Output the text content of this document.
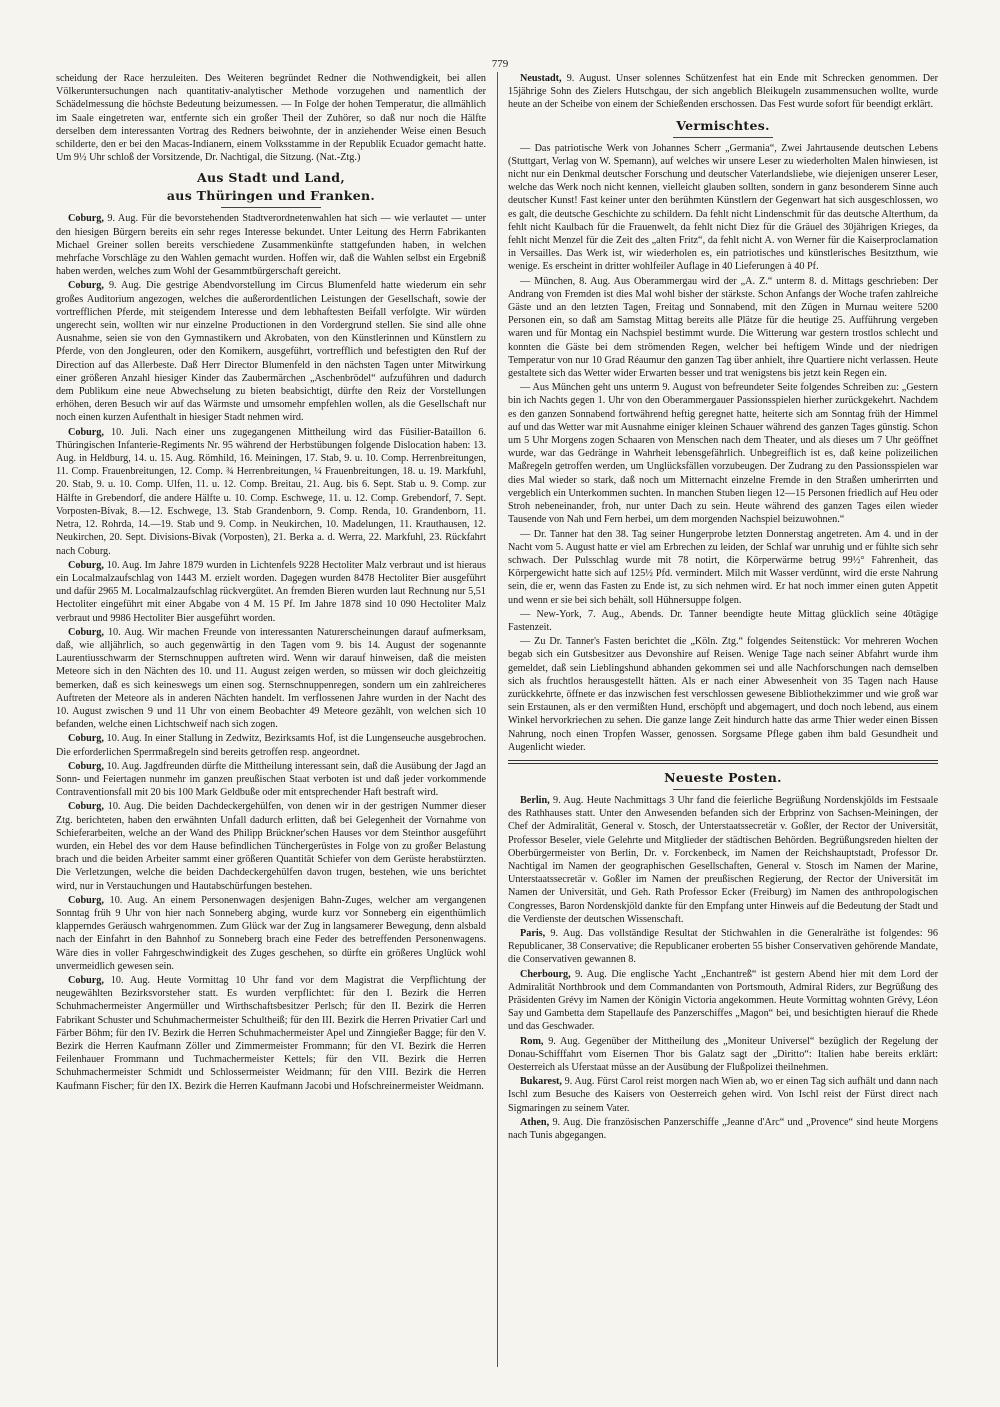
779

scheidung der Race herzuleiten. Des Weiteren begründet Redner die Nothwendigkeit, bei allen Völkeruntersuchungen nach quantitativ-analytischer Methode vorzugehen und namentlich der Schädelmessung die höchste Bedeutung beizumessen. — In Folge der hohen Temperatur, die allmählich im Saale eingetreten war, entfernte sich ein großer Theil der Zuhörer, so daß nur noch die Hälfte derselben dem interessanten Vortrag des Redners beiwohnte, der in anziehender Weise einen Besuch schilderte, den er bei den Macas-Indianern, einem Volksstamme in der Republik Ecuador gemacht hatte. Um 9½ Uhr schloß der Vorsitzende, Dr. Nachtigal, die Sitzung. (Nat.-Ztg.)

Aus Stadt und Land,
aus Thüringen und Franken.

Coburg, 9. Aug. Für die bevorstehenden Stadtverordnetenwahlen hat sich — wie verlautet — unter den hiesigen Bürgern bereits ein sehr reges Interesse bekundet. Unter Leitung des Herrn Fabrikanten Michael Greiner sollen bereits verschiedene Zusammenkünfte stattgefunden haben, in welchen mehrfache Vorschläge zu den Wahlen gemacht wurden. Hoffen wir, daß die Wahlen selbst ein Ergebniß haben werden, welches zum Wohl der Gesammtbürgerschaft gereicht.

Coburg, 9. Aug. Die gestrige Abendvorstellung im Circus Blumenfeld hatte wiederum ein sehr großes Auditorium angezogen, welches die außerordentlichen Leistungen der Gesellschaft, sowie der vortrefflichen Pferde, mit steigendem Interesse und dem lebhaftesten Beifall verfolgte. Wir würden ungerecht sein, wollten wir nur einzelne Productionen in den Vordergrund stellen. Sie sind alle ohne Ausnahme, seien sie von den Gymnastikern und Akrobaten, von den Künstlerinnen und Künstlern zu Pferde, von den Jongleuren, oder den Komikern, ausgeführt, vortrefflich und befestigten den Ruf der Direction auf das Allerbeste. Daß Herr Director Blumenfeld in den nächsten Tagen unter Mitwirkung einer größeren Anzahl hiesiger Kinder das Zaubermärchen „Aschenbrödel“ aufzuführen und dadurch dem Publikum eine neue Abwechselung zu bieten beabsichtigt, dürfte den Reiz der Vorstellungen erhöhen, deren Besuch wir auf das Wärmste und umsomehr empfehlen wollen, als die Gesellschaft nur noch einen kurzen Aufenthalt in hiesiger Stadt nehmen wird.

Coburg, 10. Juli. Nach einer uns zugegangenen Mittheilung wird das Füsilier-Bataillon 6. Thüringischen Infanterie-Regiments Nr. 95 während der Herbstübungen folgende Dislocation haben: 13. Aug. in Heldburg, 14. u. 15. Aug. Römhild, 16. Meiningen, 17. Stab, 9. u. 10. Comp. Herrenbreitungen, 11. Comp. Frauenbreitungen, 12. Comp. ¾ Herrenbreitungen, ¼ Frauenbreitungen, 18. u. 19. Markfuhl, 20. Stab, 9. u. 10. Comp. Ulfen, 11. u. 12. Comp. Breitau, 21. Aug. bis 6. Sept. Stab u. 9. Comp. zur Hälfte in Grebendorf, die andere Hälfte u. 10. Comp. Eschwege, 11. u. 12. Comp. Grebendorf, 7. Sept. Vorposten-Bivak, 8.—12. Eschwege, 13. Stab Grandenborn, 9. Comp. Renda, 10. Grandenborn, 11. Netra, 12. Rohrda, 14.—19. Stab und 9. Comp. in Neukirchen, 10. Madelungen, 11. Krauthausen, 12. Neukirchen, 20. Sept. Divisions-Bivak (Vorposten), 21. Berka a. d. Werra, 22. Markfuhl, 23. Rückfahrt nach Coburg.

Coburg, 10. Aug. Im Jahre 1879 wurden in Lichtenfels 9228 Hectoliter Malz verbraut und ist hieraus ein Localmalzaufschlag von 1443 M. erzielt worden. Dagegen wurden 8478 Hectoliter Bier ausgeführt und dafür 2965 M. Localmalzaufschlag rückvergütet. An fremden Bieren wurden laut Rechnung nur 5,51 Hectoliter eingeführt mit einer Abgabe von 4 M. 15 Pf. Im Jahre 1878 sind 10 090 Hectoliter Malz verbraut und 9986 Hectoliter Bier ausgeführt worden.

Coburg, 10. Aug. Wir machen Freunde von interessanten Naturerscheinungen darauf aufmerksam, daß, wie alljährlich, so auch gegenwärtig in den Tagen vom 9. bis 14. August der sogenannte Laurentiusschwarm der Sternschnuppen auftreten wird. Wenn wir darauf hinweisen, daß die meisten Meteore sich in den Nächten des 10. und 11. August zeigen werden, so müssen wir doch gleichzeitig bemerken, daß es sich keineswegs um einen sog. Sternschnuppenregen, sondern um ein zahlreicheres Auftreten der Meteore als in anderen Nächten handelt. Im verflossenen Jahre wurden in der Nacht des 10. August zwischen 9 und 11 Uhr von einem Beobachter 49 Meteore gezählt, von welchen sich 10 befanden, welche einen Lichtschweif nach sich zogen.

Coburg, 10. Aug. In einer Stallung in Zedwitz, Bezirksamts Hof, ist die Lungenseuche ausgebrochen. Die erforderlichen Sperrmaßregeln sind bereits getroffen resp. angeordnet.

Coburg, 10. Aug. Jagdfreunden dürfte die Mittheilung interessant sein, daß die Ausübung der Jagd an Sonn- und Feiertagen nunmehr im ganzen preußischen Staat verboten ist und daß jeder vorkommende Contraventionsfall mit 20 bis 100 Mark Geldbuße oder mit entsprechender Haft bestraft wird.

Coburg, 10. Aug. Die beiden Dachdeckergehülfen, von denen wir in der gestrigen Nummer dieser Ztg. berichteten, haben den erwähnten Unfall dadurch erlitten, daß bei Gelegenheit der Vornahme von Schieferarbeiten, welche an der Wand des Philipp Brückner'schen Hauses vor dem Steinthor ausgeführt wurden, ein Hebel des vor dem Hause befindlichen Tünchergerüstes in Folge von zu großer Belastung brach und die beiden Arbeiter sammt einer größeren Quantität Schiefer von dem Gerüste herabstürzten. Die Verletzungen, welche die beiden Dachdeckergehülfen davon trugen, bestehen, wie uns berichtet wird, nur in Verstauchungen und Hautabschürfungen bestehen.

Coburg, 10. Aug. An einem Personenwagen desjenigen Bahn-Zuges, welcher am vergangenen Sonntag früh 9 Uhr von hier nach Sonneberg abging, wurde kurz vor Sonneberg ein eigenthümlich klapperndes Geräusch wahrgenommen. Zum Glück war der Zug in langsamerer Bewegung, denn alsbald nach der Einfahrt in den Bahnhof zu Sonneberg brach eine Feder des betreffenden Personenwagens. Wäre dies in voller Fahrgeschwindigkeit des Zuges geschehen, so dürfte ein größeres Unglück wohl unvermeidlich gewesen sein.

Coburg, 10. Aug. Heute Vormittag 10 Uhr fand vor dem Magistrat die Verpflichtung der neugewählten Bezirksvorsteher statt. Es wurden verpflichtet: für den I. Bezirk die Herren Schuhmachermeister Angermüller und Wirthschaftsbesitzer Perlsch; für den II. Bezirk die Herren Fabrikant Schuster und Schuhmachermeister Schultheiß; für den III. Bezirk die Herren Privatier Carl und Färber Böhm; für den IV. Bezirk die Herren Schuhmachermeister Apel und Zinngießer Bagge; für den V. Bezirk die Herren Kaufmann Zöller und Zimmermeister Frommann; für den VI. Bezirk die Herren Feilenhauer Frommann und Tuchmachermeister Kettels; für den VII. Bezirk die Herren Schuhmachermeister Schmidt und Schlossermeister Weidmann; für den VIII. Bezirk die Herren Kaufmann Fischer; für den IX. Bezirk die Herren Kaufmann Jacobi und Hofschreinermeister Weidmann.

Neustadt, 9. August. Unser solennes Schützenfest hat ein Ende mit Schrecken genommen. Der 15jährige Sohn des Zielers Hutschgau, der sich angeblich Bleikugeln zusammensuchen wollte, wurde heute an der Scheibe von einem der Schießenden erschossen. Das Fest wurde sofort für beendigt erklärt.

Vermischtes.

— Das patriotische Werk von Johannes Scherr „Germania“, Zwei Jahrtausende deutschen Lebens (Stuttgart, Verlag von W. Spemann), auf welches wir unsere Leser zu wiederholten Malen hinwiesen, ist nicht nur ein Denkmal deutscher Forschung und deutscher Vaterlandsliebe, wie diejenigen unserer Leser, welche das Werk noch nicht kennen, vielleicht glauben sollten, sondern in ganz besonderem Sinne auch deutscher Kunst! Fast keiner unter den berühmten Künstlern der Gegenwart hat sich ausgeschlossen, wo es galt, die deutsche Geschichte zu schildern. Da fehlt nicht Lindenschmit für das deutsche Alterthum, da fehlt nicht Kaulbach für die Frauenwelt, da fehlt nicht Diez für die Gräuel des 30jährigen Krieges, da fehlt nicht Menzel für die Zeit des „alten Fritz“, da fehlt nicht A. von Werner für die Kaiserproclamation in Versailles. Das Werk ist, wir wiederholen es, ein patriotisches und künstlerisches Besitzthum, wie wenige. Es erscheint in dritter wohlfeiler Auflage in 40 Lieferungen à 40 Pf.

— München, 8. Aug. Aus Oberammergau wird der „A. Z.“ unterm 8. d. Mittags geschrieben: Der Andrang von Fremden ist dies Mal wohl bisher der stärkste. Schon Anfangs der Woche trafen zahlreiche Gäste und an den letzten Tagen, Freitag und Sonnabend, mit den Zügen in Murnau weitere 5200 Personen ein, so daß am Samstag Mittag bereits alle Plätze für die heutige 25. Aufführung vergeben waren und für Montag ein Nachspiel bestimmt wurde. Die Witterung war gestern trostlos schlecht und konnten die Gäste bei dem strömenden Regen, welcher bei heftigem Winde und der niedrigen Temperatur von nur 10 Grad Réaumur den ganzen Tag über anhielt, ihre Quartiere nicht verlassen. Heute gestaltete sich das Wetter wider Erwarten besser und trat wenigstens bis jetzt kein Regen ein.

— Aus München geht uns unterm 9. August von befreundeter Seite folgendes Schreiben zu: „Gestern bin ich Nachts gegen 1. Uhr von den Oberammergauer Passionsspielen hierher zurückgekehrt. Nachdem es den ganzen Sonnabend fortwährend heftig geregnet hatte, heiterte sich am Sonntag früh der Himmel auf und das Wetter war mit Ausnahme einiger kleinen Schauer während des ganzen Tages günstig. Schon um 5 Uhr Morgens zogen Schaaren von Menschen nach dem Theater, und als dieses um 7 Uhr geöffnet wurde, war das Gedränge in Wahrheit lebensgefährlich. Unbegreiflich ist es, daß keine polizeilichen Maßregeln getroffen werden, um Unglücksfällen vorzubeugen. Der Zudrang zu den Passionsspielen war dies Mal wieder so stark, daß noch um Mitternacht einzelne Fremde in den Straßen umherirrten und vergeblich ein Unterkommen suchten. In manchen Stuben liegen 12—15 Personen friedlich auf Heu oder Stroh nebeneinander, froh, nur unter Dach zu sein. Heute während des ganzen Tages eilen wieder Tausende von Nah und Fern herbei, um dem morgenden Nachspiel beizuwohnen.“

— Dr. Tanner hat den 38. Tag seiner Hungerprobe letzten Donnerstag angetreten. Am 4. und in der Nacht vom 5. August hatte er viel am Erbrechen zu leiden, der Schlaf war unruhig und er fühlte sich sehr schwach. Der Pulsschlag wurde mit 78 notirt, die Körperwärme betrug 99½° Fahrenheit, das Körpergewicht hatte sich auf 125½ Pfd. vermindert. Milch mit Wasser verdünnt, wird die erste Nahrung sein, die er, wenn das Fasten zu Ende ist, zu sich nehmen wird. Er hat noch immer einen guten Appetit und wenn er sie bei sich behält, soll Hühnersuppe folgen.

— New-York, 7. Aug., Abends. Dr. Tanner beendigte heute Mittag glücklich seine 40tägige Fastenzeit.

— Zu Dr. Tanner's Fasten berichtet die „Köln. Ztg.“ folgendes Seitenstück: Vor mehreren Wochen begab sich ein Gutsbesitzer aus Devonshire auf Reisen. Wenige Tage nach seiner Abfahrt wurde ihm gemeldet, daß sein Lieblingshund abhanden gekommen sei und alle Nachforschungen nach demselben sich als fruchtlos herausgestellt hätten. Als er nach einer Abwesenheit von 35 Tagen nach Hause zurückkehrte, öffnete er das inzwischen fest verschlossen gewesene Bibliothekzimmer und wie groß war sein Erstaunen, als er den vermißten Hund, erschöpft und abgemagert, und doch noch lebend, aus einem Winkel hervorkriechen zu sehen. Die ganze lange Zeit hindurch hatte das arme Thier weder einen Bissen Nahrung, noch einen Tropfen Wasser, genossen. Sorgsame Pflege gaben ihm bald Gesundheit und Augenlicht wieder.

Neueste Posten.

Berlin, 9. Aug. Heute Nachmittags 3 Uhr fand die feierliche Begrüßung Nordenskjölds im Festsaale des Rathhauses statt. Unter den Anwesenden befanden sich der Erbprinz von Sachsen-Meiningen, der Chef der Admiralität, General v. Stosch, der Unterstaatssecretär v. Goßler, der Rector der Universität, Professor Beseler, viele Gelehrte und Mitglieder der städtischen Behörden. Begrüßungsreden hielten der Oberbürgermeister von Berlin, Dr. v. Forckenbeck, im Namen der Reichshauptstadt, Professor Dr. Nachtigal im Namen der geographischen Gesellschaften, General v. Stosch im Namen der Marine, Unterstaatssecretär v. Goßler im Namen der preußischen Regierung, der Rector der Universität im Namen der Universität, und Geh. Rath Professor Ecker (Freiburg) im Namen des anthropologischen Congresses, Baron Nordenskjöld dankte für den Empfang unter Hinweis auf die Bedeutung der Stadt und die Verdienste der deutschen Wissenschaft.

Paris, 9. Aug. Das vollständige Resultat der Stichwahlen in die Generalräthe ist folgendes: 96 Republicaner, 38 Conservative; die Republicaner eroberten 55 bisher Conservativen gehörende Mandate, die Conservativen gewannen 8.

Cherbourg, 9. Aug. Die englische Yacht „Enchantreß“ ist gestern Abend hier mit dem Lord der Admiralität Northbrook und dem Commandanten von Portsmouth, Admiral Riders, zur Begrüßung des Präsidenten Grévy im Namen der Königin Victoria angekommen. Heute Vormittag wohnten Grévy, Léon Say und Gambetta dem Stapellaufe des Panzerschiffes „Magon“ bei, und besichtigten hierauf die Rhede und das Geschwader.

Rom, 9. Aug. Gegenüber der Mittheilung des „Moniteur Universel“ bezüglich der Regelung der Donau-Schifffahrt vom Eisernen Thor bis Galatz sagt der „Diritto“: Italien habe bereits erklärt: Oesterreich als Uferstaat müsse an der Ausübung der Flußpolizei theilnehmen.

Bukarest, 9. Aug. Fürst Carol reist morgen nach Wien ab, wo er einen Tag sich aufhält und dann nach Ischl zum Besuche des Kaisers von Oesterreich gehen wird. Von Ischl reist der Fürst direct nach Sigmaringen zu seinem Vater.

Athen, 9. Aug. Die französischen Panzerschiffe „Jeanne d'Arc“ und „Provence“ sind heute Morgens nach Tunis abgegangen.
